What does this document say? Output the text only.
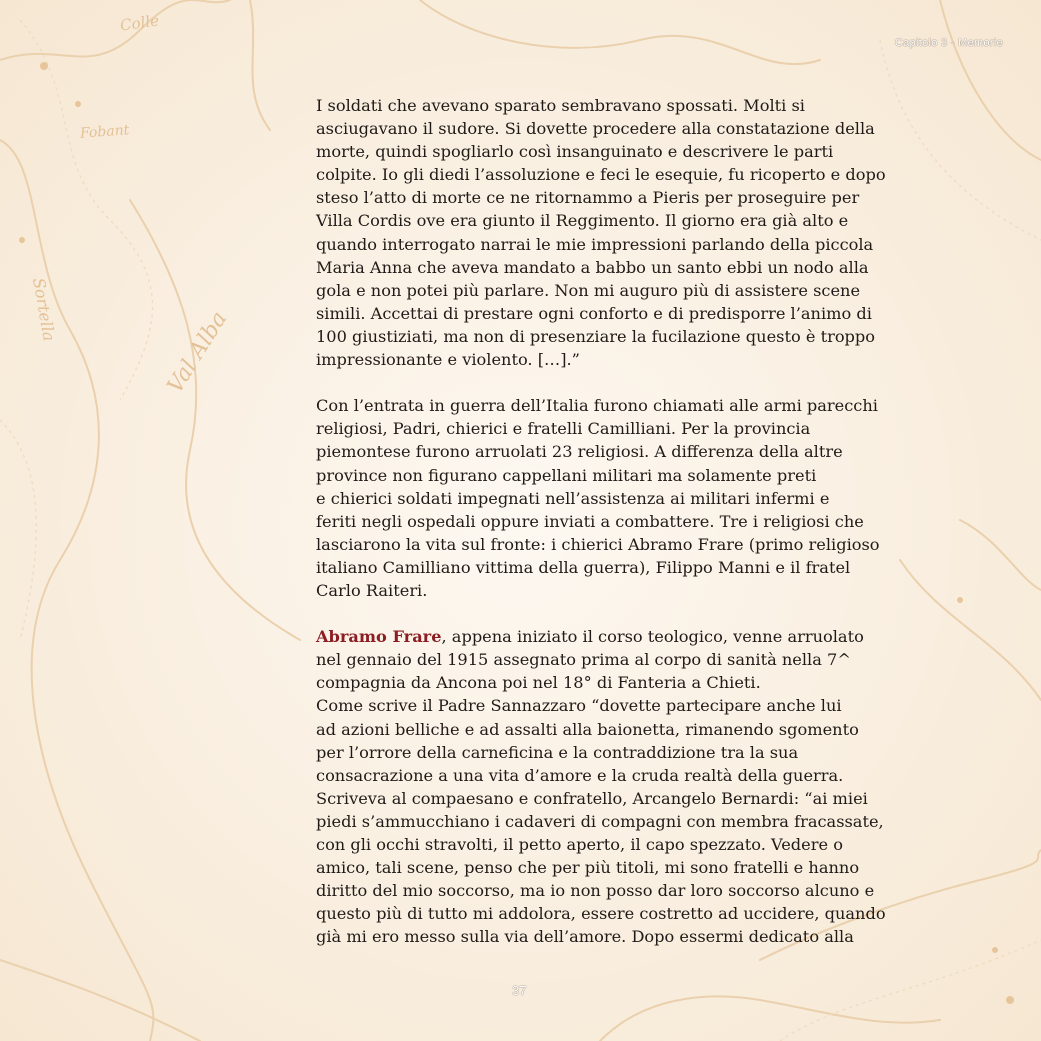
Colle
Fobant
Val Alba
Sortella
Capitolo 3 - Memorie

I soldati che avevano sparato sembravano spossati. Molti si
asciugavano il sudore. Si dovette procedere alla constatazione della
morte, quindi spogliarlo così insanguinato e descrivere le parti
colpite. Io gli diedi l’assoluzione e feci le esequie, fu ricoperto e dopo
steso l’atto di morte ce ne ritornammo a Pieris per proseguire per
Villa Cordis ove era giunto il Reggimento. Il giorno era già alto e
quando interrogato narrai le mie impressioni parlando della piccola
Maria Anna che aveva mandato a babbo un santo ebbi un nodo alla
gola e non potei più parlare. Non mi auguro più di assistere scene
simili. Accettai di prestare ogni conforto e di predisporre l’animo di
100 giustiziati, ma non di presenziare la fucilazione questo è troppo
impressionante e violento. […].”

Con l’entrata in guerra dell’Italia furono chiamati alle armi parecchi
religiosi, Padri, chierici e fratelli Camilliani. Per la provincia
piemontese furono arruolati 23 religiosi. A differenza della altre
province non figurano cappellani militari ma solamente preti
e chierici soldati impegnati nell’assistenza ai militari infermi e
feriti negli ospedali oppure inviati a combattere. Tre i religiosi che
lasciarono la vita sul fronte: i chierici Abramo Frare (primo religioso
italiano Camilliano vittima della guerra), Filippo Manni e il fratel
Carlo Raiteri.

Abramo Frare, appena iniziato il corso teologico, venne arruolato
nel gennaio del 1915 assegnato prima al corpo di sanità nella 7^
compagnia da Ancona poi nel 18° di Fanteria a Chieti.
Come scrive il Padre Sannazzaro “dovette partecipare anche lui
ad azioni belliche e ad assalti alla baionetta, rimanendo sgomento
per l’orrore della carneficina e la contraddizione tra la sua
consacrazione a una vita d’amore e la cruda realtà della guerra.
Scriveva al compaesano e confratello, Arcangelo Bernardi: “ai miei
piedi s’ammucchiano i cadaveri di compagni con membra fracassate,
con gli occhi stravolti, il petto aperto, il capo spezzato. Vedere o
amico, tali scene, penso che per più titoli, mi sono fratelli e hanno
diritto del mio soccorso, ma io non posso dar loro soccorso alcuno e
questo più di tutto mi addolora, essere costretto ad uccidere, quando
già mi ero messo sulla via dell’amore. Dopo essermi dedicato alla

37
